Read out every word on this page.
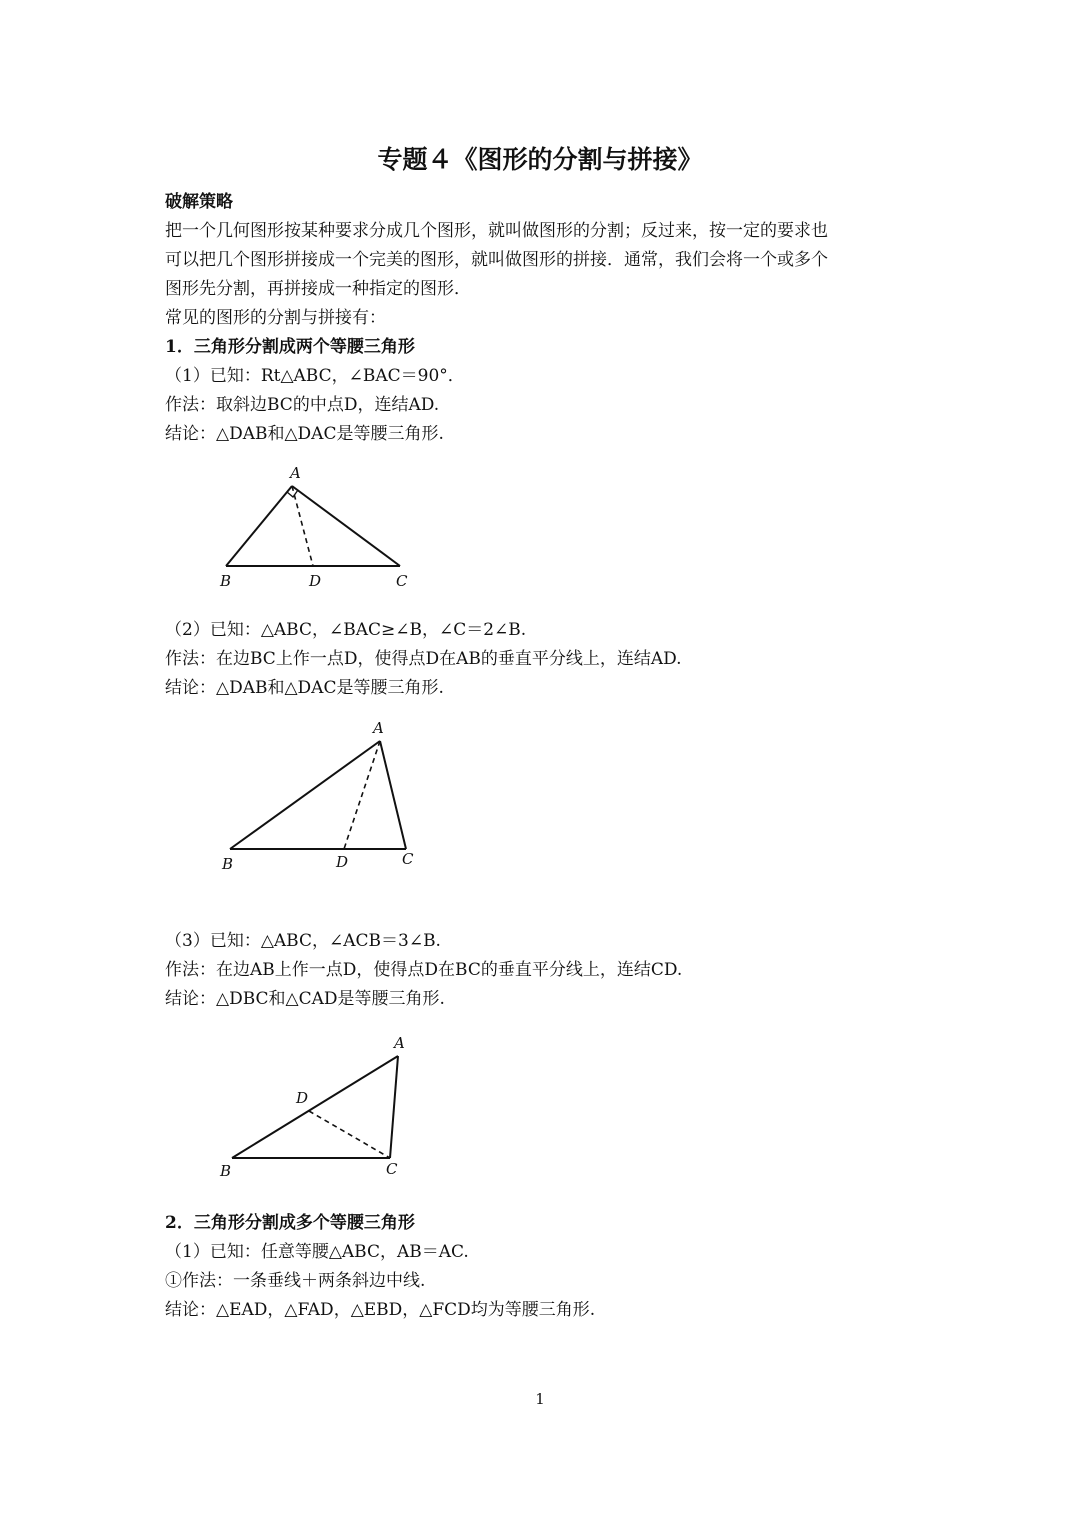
专题４《图形的分割与拼接》
破解策略
把一个几何图形按某种要求分成几个图形，就叫做图形的分割；反过来，按一定的要求也
可以把几个图形拼接成一个完美的图形，就叫做图形的拼接．通常，我们会将一个或多个
图形先分割，再拼接成一种指定的图形．
常见的图形的分割与拼接有：
1．三角形分割成两个等腰三角形
（1）已知：Rt△ABC，∠BAC＝90°．
作法：取斜边BC的中点D，连结AD.
结论：△DAB和△DAC是等腰三角形.
A
B	D	C
（2）已知：△ABC，∠BAC≥∠B，∠C＝2∠B.
作法：在边BC上作一点D，使得点D在AB的垂直平分线上，连结AD.
结论：△DAB和△DAC是等腰三角形.
A
B	D	C
（3）已知：△ABC，∠ACB＝3∠B.
作法：在边AB上作一点D，使得点D在BC的垂直平分线上，连结CD.
结论：△DBC和△CAD是等腰三角形.
A
D
B	C
2．三角形分割成多个等腰三角形
（1）已知：任意等腰△ABC，AB＝AC.
①作法：一条垂线＋两条斜边中线.
结论：△EAD，△FAD，△EBD，△FCD均为等腰三角形.
1
